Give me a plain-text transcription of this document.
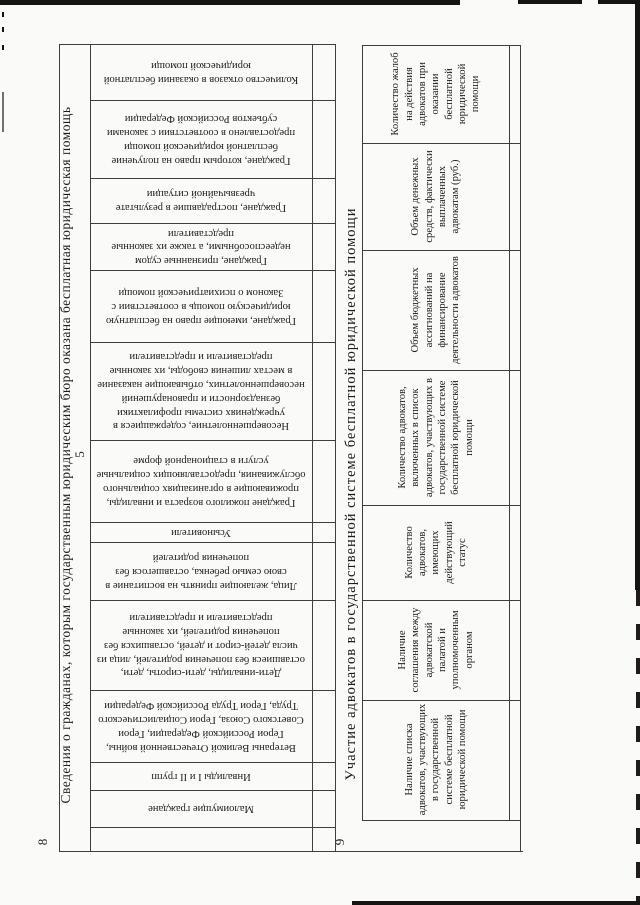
8
Сведения о гражданах, которым государственным юридическим бюро оказана бесплатная юридическая помощь 5
9
Участие адвокатов в государственной системе бесплатной юридической помощи
Малоимущие граждане
Инвалиды I и II групп
Ветераны Великой Отечественной войны, Герои Российской Федерации, Герои Советского Союза, Герои Социалистического Труда, Герои Труда Российской Федерации
Дети-инвалиды, дети-сироты, дети, оставшиеся без попечения родителей, лица из числа детей-сирот и детей, оставшихся без попечения родителей, их законные представители и представители
Лица, желающие принять на воспитание в свою семью ребенка, оставшегося без попечения родителей
Усыновители
Граждане пожилого возраста и инвалиды, проживающие в организациях социального обслуживания, предоставляющих социальные услуги в стационарной форме
Несовершеннолетние, содержащиеся в учреждениях системы профилактики безнадзорности и правонарушений несовершеннолетних, отбывающие наказание в местах лишения свободы, их законные представители и представители
Граждане, имеющие право на бесплатную юридическую помощь в соответствии с Законом о психиатрической помощи
Граждане, признанные судом недееспособными, а также их законные представители
Граждане, пострадавшие в результате чрезвычайной ситуации
Граждане, которым право на получение бесплатной юридической помощи предоставлено в соответствии с законами субъектов Российской Федерации
Количество отказов в оказании бесплатной юридической помощи
Наличие списка адвокатов, участвующих в государственной системе бесплатной юридической помощи
Наличие соглашения между адвокатской палатой и уполномоченным органом
Количество адвокатов, имеющих действующий статус
Количество адвокатов, включенных в список адвокатов, участвующих в государственной системе бесплатной юридической помощи
Объем бюджетных ассигнований на финансирование деятельности адвокатов
Объем денежных средств, фактически выплаченных адвокатам (руб.)
Количество жалоб на действия адвокатов при оказании бесплатной юридической помощи
